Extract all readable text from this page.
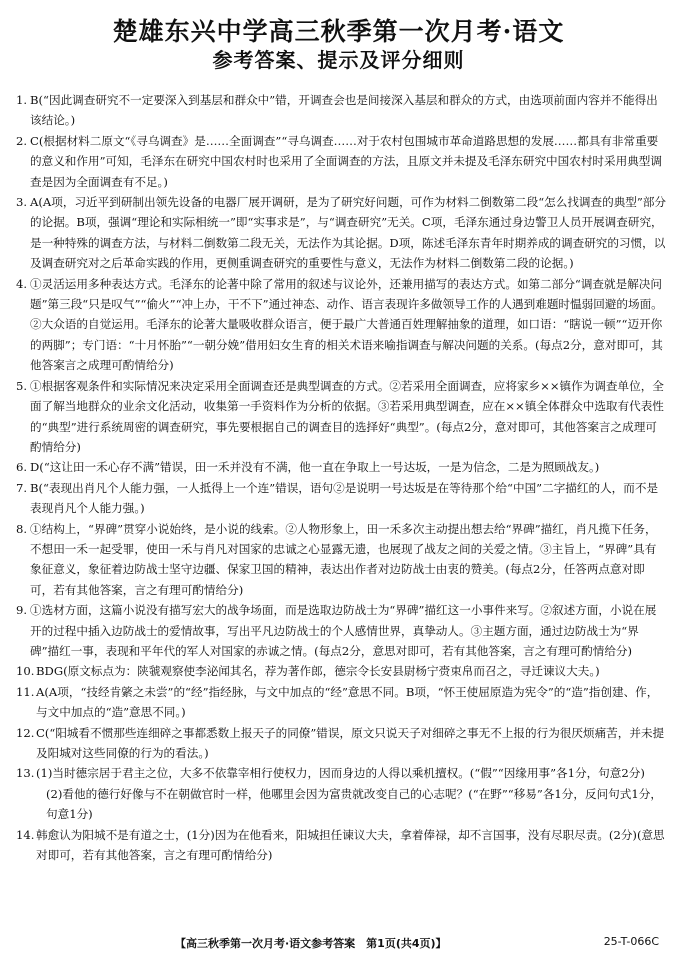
楚雄东兴中学高三秋季第一次月考·语文
参考答案、提示及评分细则
1. B(“因此调查研究不一定要深入到基层和群众中”错，开调查会也是间接深入基层和群众的方式，由选项前面内容并不能得出该结论。)

2. C(根据材料二原文“《寻乌调查》是……全面调查”“寻乌调查……对于农村包围城市革命道路思想的发展……都具有非常重要的意义和作用”可知，毛泽东在研究中国农村时也采用了全面调查的方法，且原文并未提及毛泽东研究中国农村时采用典型调查是因为全面调查有不足。)

3. A(A项，习近平到研制出领先设备的电器厂展开调研，是为了研究好问题，可作为材料二倒数第二段“怎么找调查的典型”部分的论据。B项，强调“理论和实际相统一”即“实事求是”，与“调查研究”无关。C项，毛泽东通过身边警卫人员开展调查研究，是一种特殊的调查方法，与材料二倒数第二段无关，无法作为其论据。D项，陈述毛泽东青年时期养成的调查研究的习惯，以及调查研究对之后革命实践的作用，更侧重调查研究的重要性与意义，无法作为材料二倒数第二段的论据。)

4. ①灵活运用多种表达方式。毛泽东的论著中除了常用的叙述与议论外，还兼用描写的表达方式。如第二部分“调查就是解决问题”第三段“只是叹气”“偷火”“冲上办，干不下”通过神态、动作、语言表现许多做领导工作的人遇到难题时愠弱回避的场面。②大众语的自觉运用。毛泽东的论著大量吸收群众语言，便于最广大普通百姓理解抽象的道理，如口语：“瞎说一顿”“迈开你的两脚”；专门语：“十月怀胎”“一朝分娩”借用妇女生育的相关术语来喻指调查与解决问题的关系。(每点2分，意对即可，其他答案言之成理可酌情给分)

5. ①根据客观条件和实际情况来决定采用全面调查还是典型调查的方式。②若采用全面调查，应将家乡××镇作为调查单位，全面了解当地群众的业余文化活动，收集第一手资料作为分析的依据。③若采用典型调查，应在××镇全体群众中选取有代表性的“典型”进行系统周密的调查研究，事先要根据自己的调查目的选择好“典型”。(每点2分，意对即可，其他答案言之成理可酌情给分)

6. D(“这让田一禾心存不满”错误，田一禾并没有不满，他一直在争取上一号达坂，一是为信念，二是为照顾战友。)

7. B(“表现出肖凡个人能力强，一人抵得上一个连”错误，语句②是说明一号达坂是在等待那个给“中国”二字描红的人，而不是表现肖凡个人能力强。)

8. ①结构上，“界碑”贯穿小说始终，是小说的线索。②人物形象上，田一禾多次主动提出想去给“界碑”描红，肖凡揽下任务，不想田一禾一起受罪，使田一禾与肖凡对国家的忠诚之心显露无遗，也展现了战友之间的关爱之情。③主旨上，“界碑”具有象征意义，象征着边防战士坚守边疆、保家卫国的精神，表达出作者对边防战士由衷的赞美。(每点2分，任答两点意对即可，若有其他答案，言之有理可酌情给分)

9. ①选材方面，这篇小说没有描写宏大的战争场面，而是选取边防战士为“界碑”描红这一小事件来写。②叙述方面，小说在展开的过程中插入边防战士的爱情故事，写出平凡边防战士的个人感情世界，真挚动人。③主题方面，通过边防战士为“界碑”描红一事，表现和平年代的军人对国家的赤诚之情。(每点2分，意思对即可，若有其他答案，言之有理可酌情给分)

10. BDG(原文标点为：陕虢观察使李泌闻其名，荐为著作郎，德宗令长安县尉杨宁赍束帛而召之，寻迁谏议大夫。)

11. A(A项，“技经肯綮之未尝”的“经”指经脉，与文中加点的“经”意思不同。B项，“怀王使屈原造为宪令”的“造”指创建、作，与文中加点的“造”意思不同。)

12. C(“阳城看不惯那些连细碎之事都悉数上报天子的同僚”错误，原文只说天子对细碎之事无不上报的行为很厌烦痛苦，并未提及阳城对这些同僚的行为的看法。)

13. (1)当时德宗居于君主之位，大多不依靠宰相行使权力，因而身边的人得以乘机擅权。(“假”“因缘用事”各1分，句意2分)

(2)看他的德行好像与不在朝做官时一样，他哪里会因为富贵就改变自己的心志呢？(“在野”“移易”各1分，反问句式1分，句意1分)

14. 韩愈认为阳城不是有道之士，(1分)因为在他看来，阳城担任谏议大夫，拿着俸禄，却不言国事，没有尽职尽责。(2分)(意思对即可，若有其他答案，言之有理可酌情给分)

【高三秋季第一次月考·语文参考答案　第1页(共4页)】	25-T-066C
